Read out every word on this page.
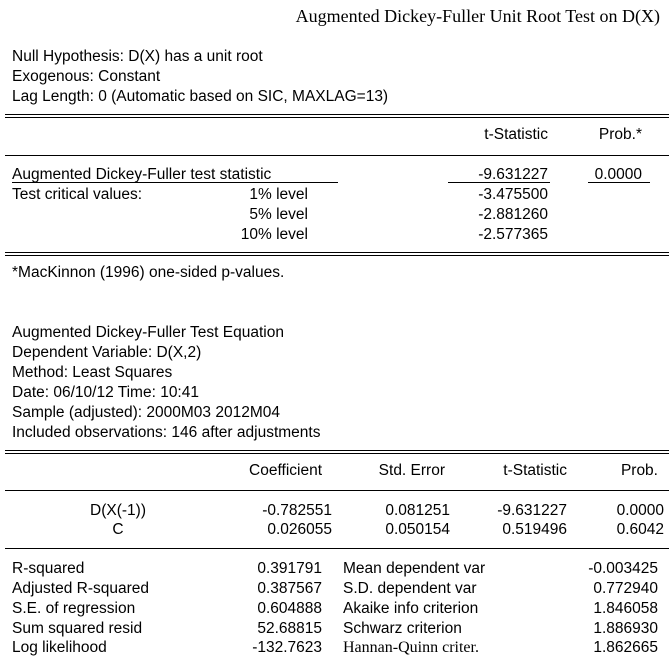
Augmented Dickey-Fuller Unit Root Test on D(X)
Null Hypothesis: D(X) has a unit root
Exogenous: Constant
Lag Length: 0 (Automatic based on SIC, MAXLAG=13)
t-Statistic	Prob.*
Augmented Dickey-Fuller test statistic	-9.631227	0.0000
Test critical values:	1% level	-3.475500
5% level	-2.881260
10% level	-2.577365
*MacKinnon (1996) one-sided p-values.
Augmented Dickey-Fuller Test Equation
Dependent Variable: D(X,2)
Method: Least Squares
Date: 06/10/12 Time: 10:41
Sample (adjusted): 2000M03 2012M04
Included observations: 146 after adjustments
Coefficient	Std. Error	t-Statistic	Prob.
D(X(-1))	-0.782551	0.081251	-9.631227	0.0000
C	0.026055	0.050154	0.519496	0.6042
R-squared	0.391791 Mean dependent var	-0.003425
Adjusted R-squared	0.387567 S.D. dependent var	0.772940
S.E. of regression	0.604888 Akaike info criterion	1.846058
Sum squared resid	52.68815 Schwarz criterion	1.886930
Log likelihood	-132.7623 Hannan-Quinn criter.	1.862665
